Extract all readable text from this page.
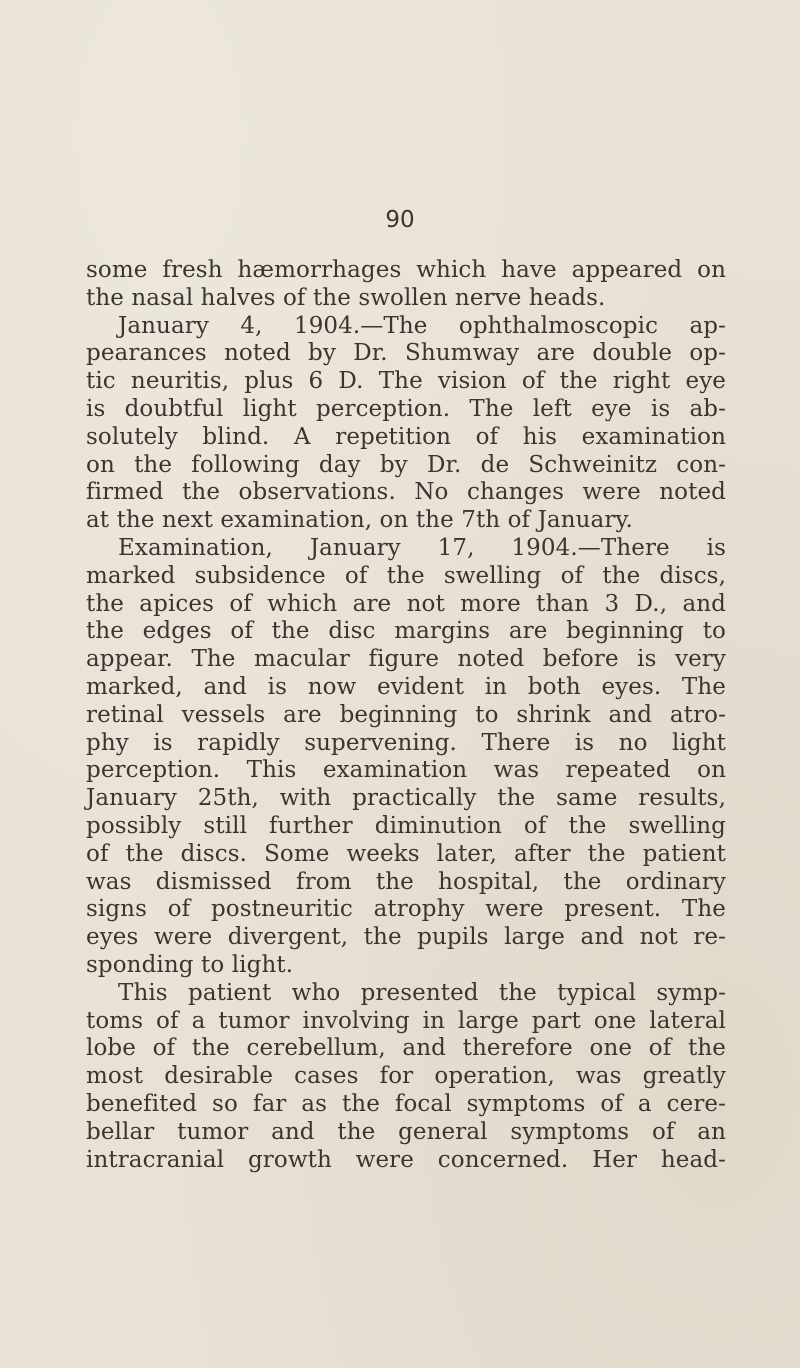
90
some fresh hæmorrhages which have appeared on
the nasal halves of the swollen nerve heads.
January 4, 1904.—The ophthalmoscopic ap-
pearances noted by Dr. Shumway are double op-
tic neuritis, plus 6 D. The vision of the right eye
is doubtful light perception. The left eye is ab-
solutely blind. A repetition of his examination
on the following day by Dr. de Schweinitz con-
firmed the observations. No changes were noted
at the next examination, on the 7th of January.
Examination, January 17, 1904.—There is
marked subsidence of the swelling of the discs,
the apices of which are not more than 3 D., and
the edges of the disc margins are beginning to
appear. The macular figure noted before is very
marked, and is now evident in both eyes. The
retinal vessels are beginning to shrink and atro-
phy is rapidly supervening. There is no light
perception. This examination was repeated on
January 25th, with practically the same results,
possibly still further diminution of the swelling
of the discs. Some weeks later, after the patient
was dismissed from the hospital, the ordinary
signs of postneuritic atrophy were present. The
eyes were divergent, the pupils large and not re-
sponding to light.
This patient who presented the typical symp-
toms of a tumor involving in large part one lateral
lobe of the cerebellum, and therefore one of the
most desirable cases for operation, was greatly
benefited so far as the focal symptoms of a cere-
bellar tumor and the general symptoms of an
intracranial growth were concerned. Her head-
